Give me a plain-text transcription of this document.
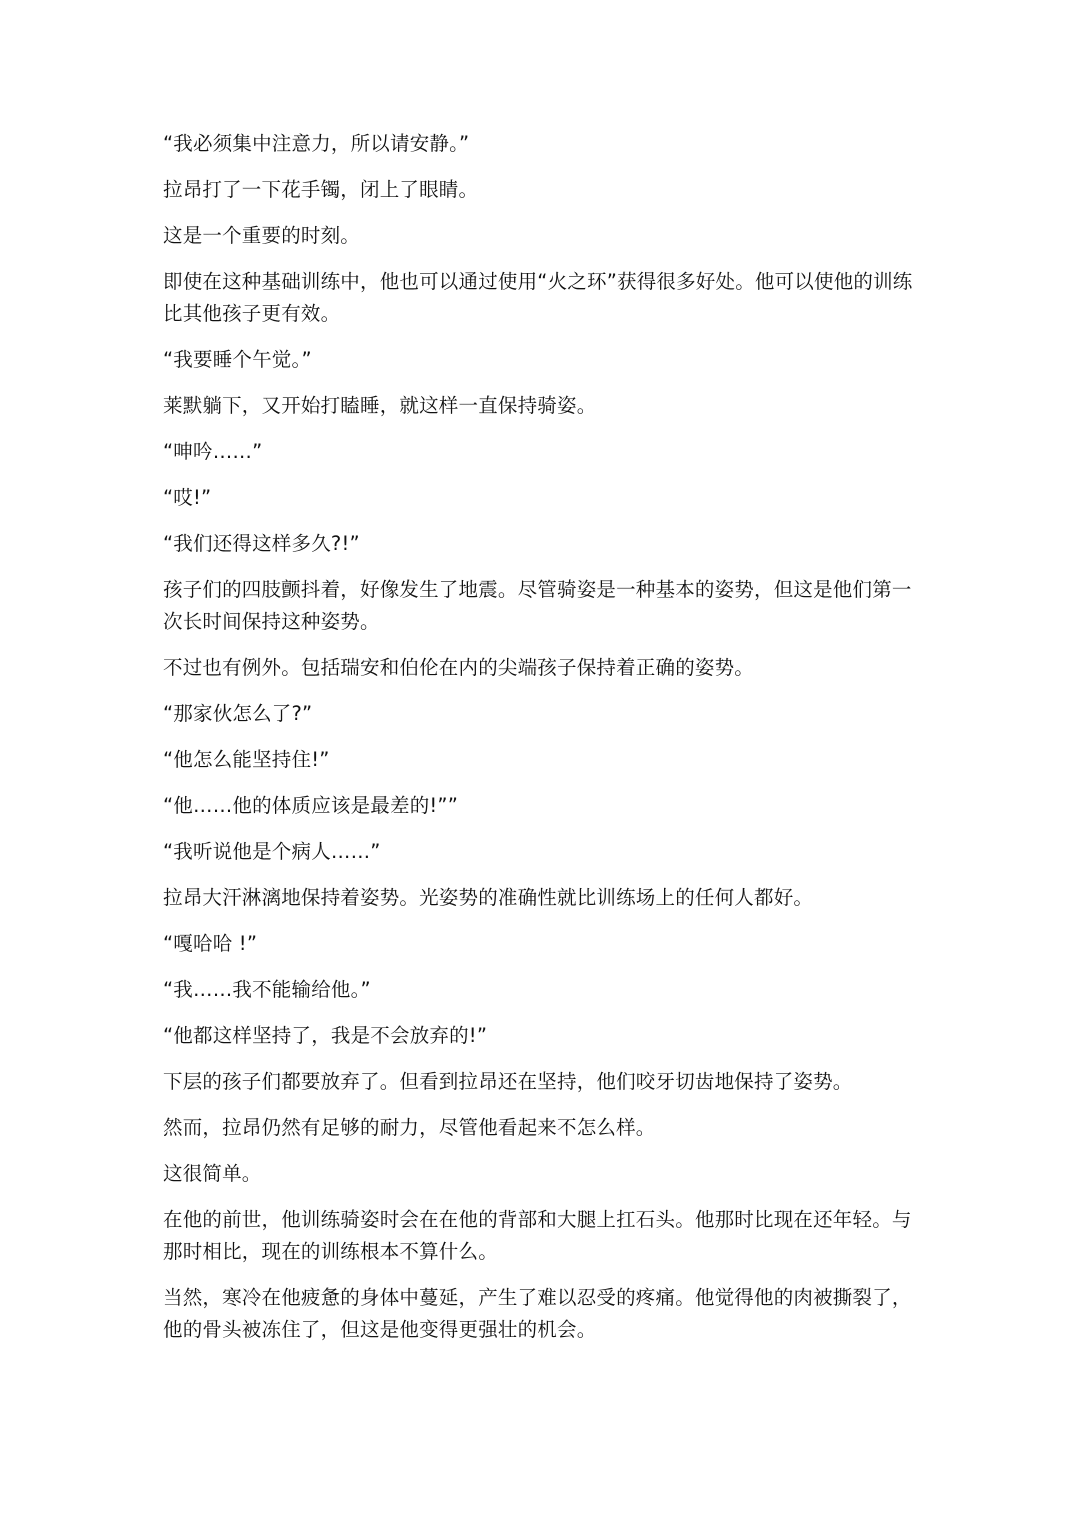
“我必须集中注意力，所以请安静。”

拉昂打了一下花手镯，闭上了眼睛。

这是一个重要的时刻。

即使在这种基础训练中，他也可以通过使用“火之环”获得很多好处。他可以使他的训练比其他孩子更有效。

“我要睡个午觉。”

莱默躺下，又开始打瞌睡，就这样一直保持骑姿。

“呻吟……”

“哎!”

“我们还得这样多久?!”

孩子们的四肢颤抖着，好像发生了地震。尽管骑姿是一种基本的姿势，但这是他们第一次长时间保持这种姿势。

不过也有例外。包括瑞安和伯伦在内的尖端孩子保持着正确的姿势。

“那家伙怎么了?”

“他怎么能坚持住!”

“他……他的体质应该是最差的!””

“我听说他是个病人……”

拉昂大汗淋漓地保持着姿势。光姿势的准确性就比训练场上的任何人都好。

“嘎哈哈 !”

“我……我不能输给他。”

“他都这样坚持了，我是不会放弃的!”

下层的孩子们都要放弃了。但看到拉昂还在坚持，他们咬牙切齿地保持了姿势。

然而，拉昂仍然有足够的耐力，尽管他看起来不怎么样。

这很简单。

在他的前世，他训练骑姿时会在在他的背部和大腿上扛石头。他那时比现在还年轻。与那时相比，现在的训练根本不算什么。

当然，寒冷在他疲惫的身体中蔓延，产生了难以忍受的疼痛。他觉得他的肉被撕裂了，他的骨头被冻住了，但这是他变得更强壮的机会。
